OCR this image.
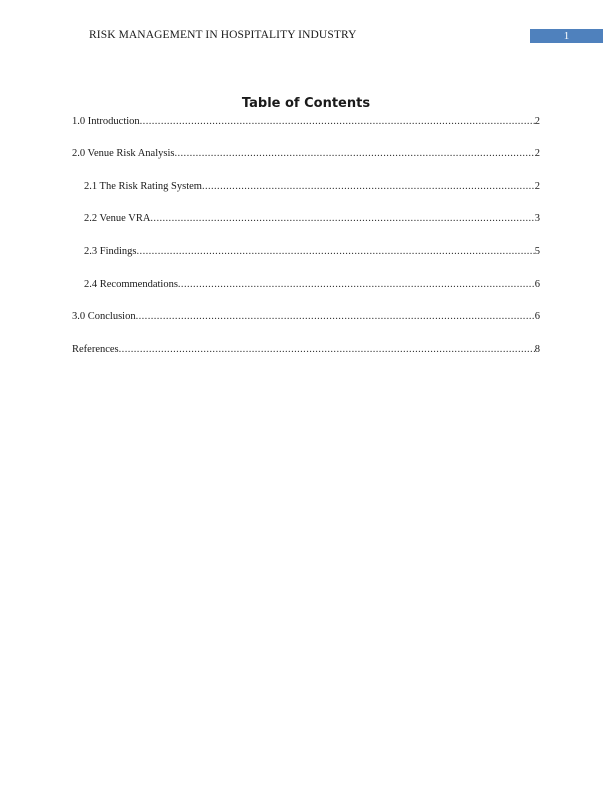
RISK MANAGEMENT IN HOSPITALITY INDUSTRY	1
Table of Contents
1.0 Introduction .....	2
2.0 Venue Risk Analysis .....	2
2.1 The Risk Rating System .....	2
2.2 Venue VRA .....	3
2.3 Findings .....	5
2.4 Recommendations .....	6
3.0 Conclusion .....	6
References .....	8
